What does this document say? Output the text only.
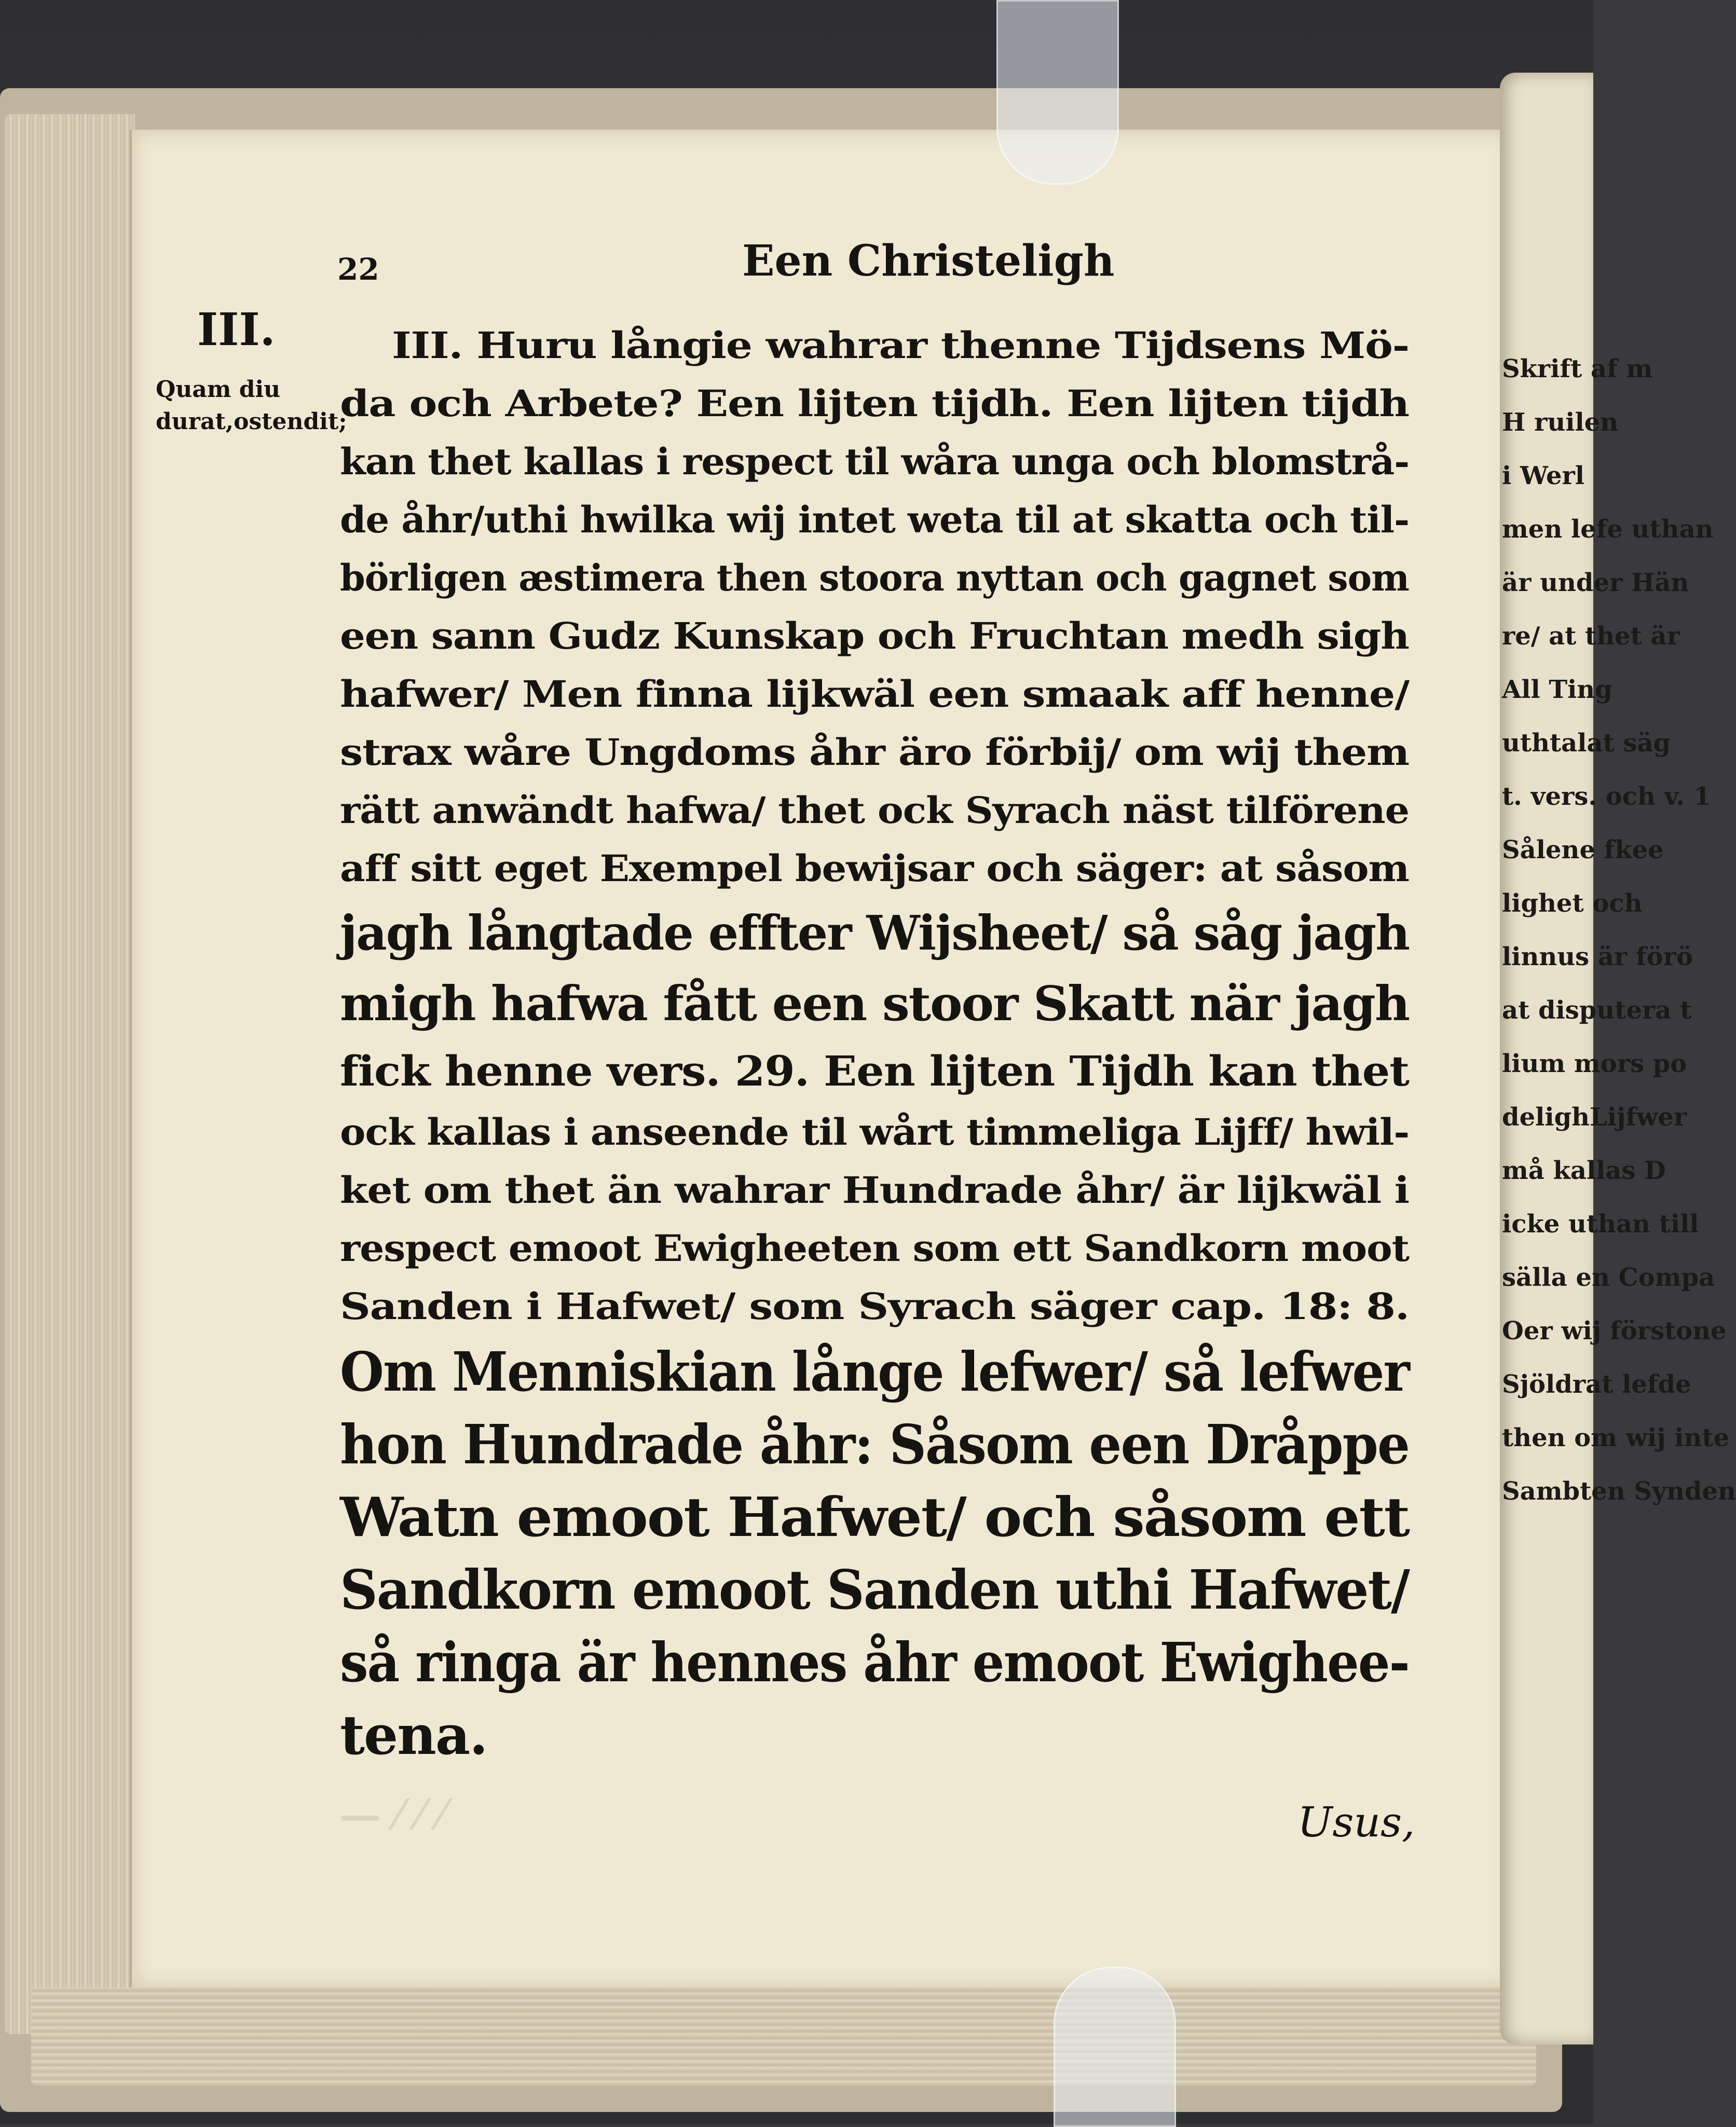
— ⁄ ⁄ ⁄
Skrift af m
H ruilen
i Werl
men lefe uthan
är under Hän
re/ at thet är
All Ting
uthtalat säg
t. vers. och v. 1
Sålene fkee
lighet och
linnus är förö
at disputera t
lium mors po
delighLijfwer
må kallas D
icke uthan till
sälla en Compa
Oer wij förstone
Sjöldrat lefde
then om wij inte
Sambten Synden
22	Een Christeligh
III.
Quam diu durat,ostendit;
III. Huru långie wahrar thenne Tijdsens Mö-
da och Arbete? Een lijten tijdh. Een lijten tijdh
kan thet kallas i respect til wåra unga och blomstrå-
de åhr/uthi hwilka wij intet weta til at skatta och til-
börligen æstimera then stoora nyttan och gagnet som
een sann Gudz Kunskap och Fruchtan medh sigh
hafwer/ Men finna lijkwäl een smaak aff henne/
strax wåre Ungdoms åhr äro förbij/ om wij them
rätt anwändt hafwa/ thet ock Syrach näst tilförene
aff sitt eget Exempel bewijsar och säger: at såsom
jagh långtade effter Wijsheet/ så såg jagh
migh hafwa fått een stoor Skatt när jagh
fick henne vers. 29. Een lijten Tijdh kan thet
ock kallas i anseende til wårt timmeliga Lijff/ hwil-
ket om thet än wahrar Hundrade åhr/ är lijkwäl i
respect emoot Ewigheeten som ett Sandkorn moot
Sanden i Hafwet/ som Syrach säger cap. 18: 8.
Om Menniskian långe lefwer/ så lefwer
hon Hundrade åhr: Såsom een Dråppe
Watn emoot Hafwet/ och såsom ett
Sandkorn emoot Sanden uthi Hafwet/
så ringa är hennes åhr emoot Ewighee-
tena.
Usus,
